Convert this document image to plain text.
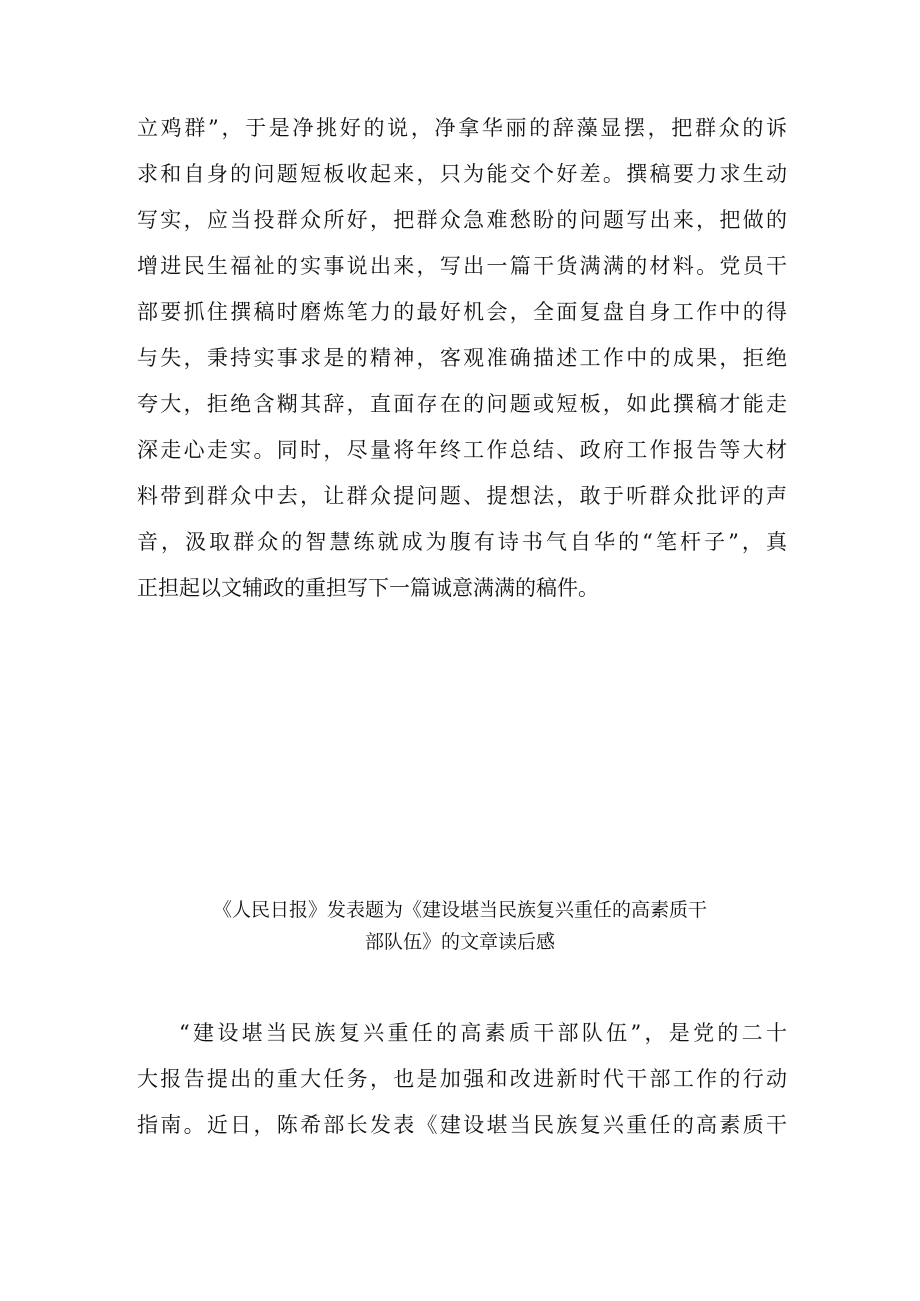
立鸡群”，于是净挑好的说，净拿华丽的辞藻显摆，把群众的诉
求和自身的问题短板收起来，只为能交个好差。撰稿要力求生动
写实，应当投群众所好，把群众急难愁盼的问题写出来，把做的
增进民生福祉的实事说出来，写出一篇干货满满的材料。党员干
部要抓住撰稿时磨炼笔力的最好机会，全面复盘自身工作中的得
与失，秉持实事求是的精神，客观准确描述工作中的成果，拒绝
夸大，拒绝含糊其辞，直面存在的问题或短板，如此撰稿才能走
深走心走实。同时，尽量将年终工作总结、政府工作报告等大材
料带到群众中去，让群众提问题、提想法，敢于听群众批评的声
音，汲取群众的智慧练就成为腹有诗书气自华的“笔杆子”，真
正担起以文辅政的重担写下一篇诚意满满的稿件。
《人民日报》发表题为《建设堪当民族复兴重任的高素质干
部队伍》的文章读后感
“建设堪当民族复兴重任的高素质干部队伍”，是党的二十
大报告提出的重大任务，也是加强和改进新时代干部工作的行动
指南。近日，陈希部长发表《建设堪当民族复兴重任的高素质干
